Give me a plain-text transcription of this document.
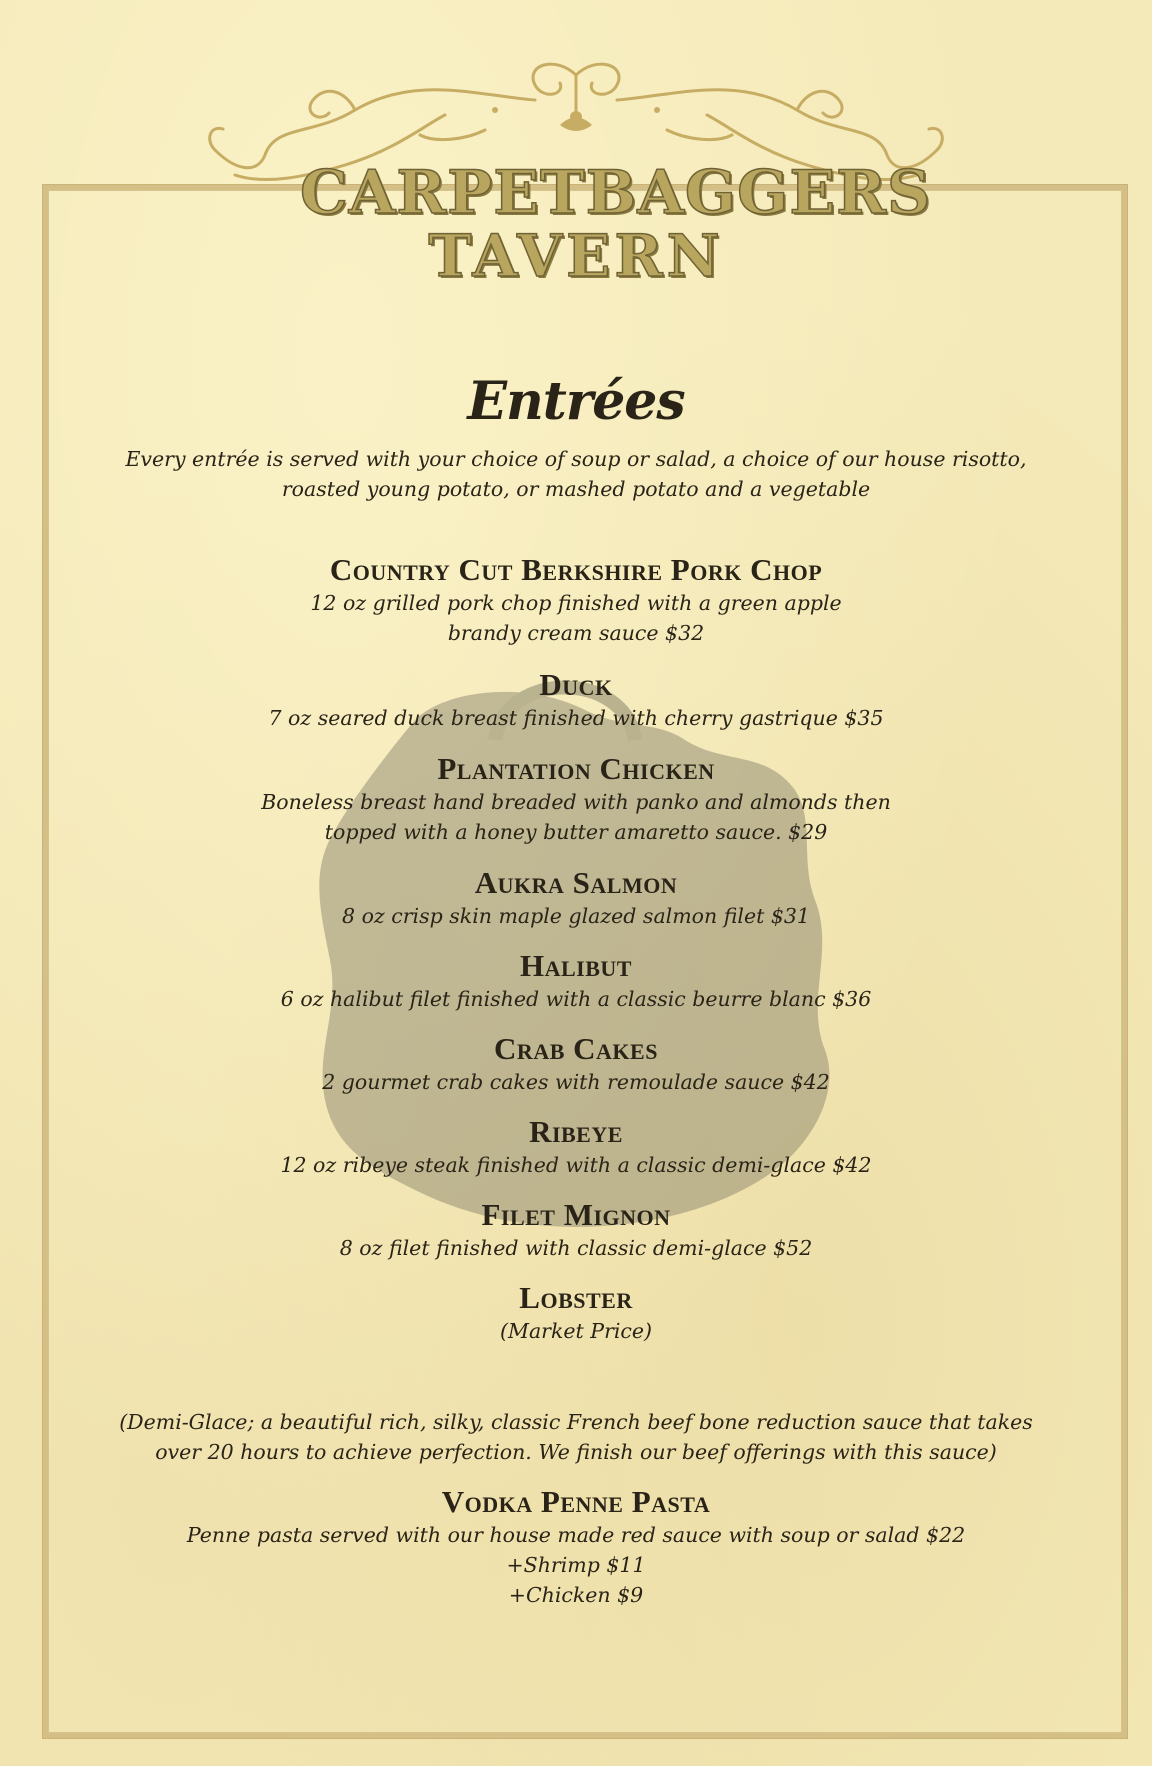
CARPETBAGGERS
TAVERN
Entrées
Every entrée is served with your choice of soup or salad, a choice of our house risotto,
roasted young potato, or mashed potato and a vegetable
Country Cut Berkshire Pork Chop
12 oz grilled pork chop finished with a green apple
brandy cream sauce $32
Duck
7 oz seared duck breast finished with cherry gastrique $35
Plantation Chicken
Boneless breast hand breaded with panko and almonds then
topped with a honey butter amaretto sauce. $29
Aukra Salmon
8 oz crisp skin maple glazed salmon filet $31
Halibut
6 oz halibut filet finished with a classic beurre blanc $36
Crab Cakes
2 gourmet crab cakes with remoulade sauce $42
Ribeye
12 oz ribeye steak finished with a classic demi-glace $42
Filet Mignon
8 oz filet finished with classic demi-glace $52
Lobster
(Market Price)
(Demi-Glace; a beautiful rich, silky, classic French beef bone reduction sauce that takes
over 20 hours to achieve perfection. We finish our beef offerings with this sauce)
Vodka Penne Pasta
Penne pasta served with our house made red sauce with soup or salad $22
+Shrimp $11
+Chicken $9
